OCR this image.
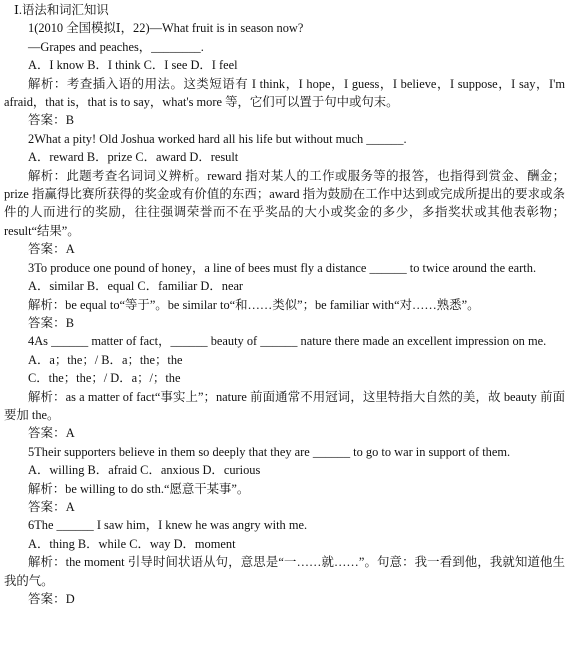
Ⅰ.语法和词汇知识
1(2010 全国模拟Ⅰ，22)—What fruit is in season now?
—Grapes and peaches，________.
A．I know B．I think C．I see D．I feel
解析：考查插入语的用法。这类短语有 I think，I hope，I guess，I believe，I suppose，I say，I'm afraid，that is，that is to say，what's more 等，它们可以置于句中或句末。
答案：B
2What a pity! Old Joshua worked hard all his life but without much ______.
A．reward B．prize C．award D．result
解析：此题考查名词词义辨析。reward 指对某人的工作或服务等的报答，也指得到赏金、酬金；prize 指赢得比赛所获得的奖金或有价值的东西；award 指为鼓励在工作中达到或完成所提出的要求或条件的人而进行的奖励，往往强调荣誉而不在乎奖品的大小或奖金的多少，多指奖状或其他表彰物；result“结果”。
答案：A
3To produce one pound of honey，a line of bees must fly a distance ______ to twice around the earth.
A．similar B．equal C．familiar D．near
解析：be equal to“等于”。be similar to“和……类似”；be familiar with“对……熟悉”。
答案：B
4As ______ matter of fact，______ beauty of ______ nature there made an excellent impression on me.
A．a；the；/ B．a；the；the
C．the；the；/ D．a；/；the
解析：as a matter of fact“事实上”；nature 前面通常不用冠词，这里特指大自然的美，故 beauty 前面要加 the。
答案：A
5Their supporters believe in them so deeply that they are ______ to go to war in support of them.
A．willing B．afraid C．anxious D．curious
解析：be willing to do sth.“愿意干某事”。
答案：A
6The ______ I saw him，I knew he was angry with me.
A．thing B．while C．way D．moment
解析：the moment 引导时间状语从句，意思是“一……就……”。句意：我一看到他，我就知道他生我的气。
答案：D
